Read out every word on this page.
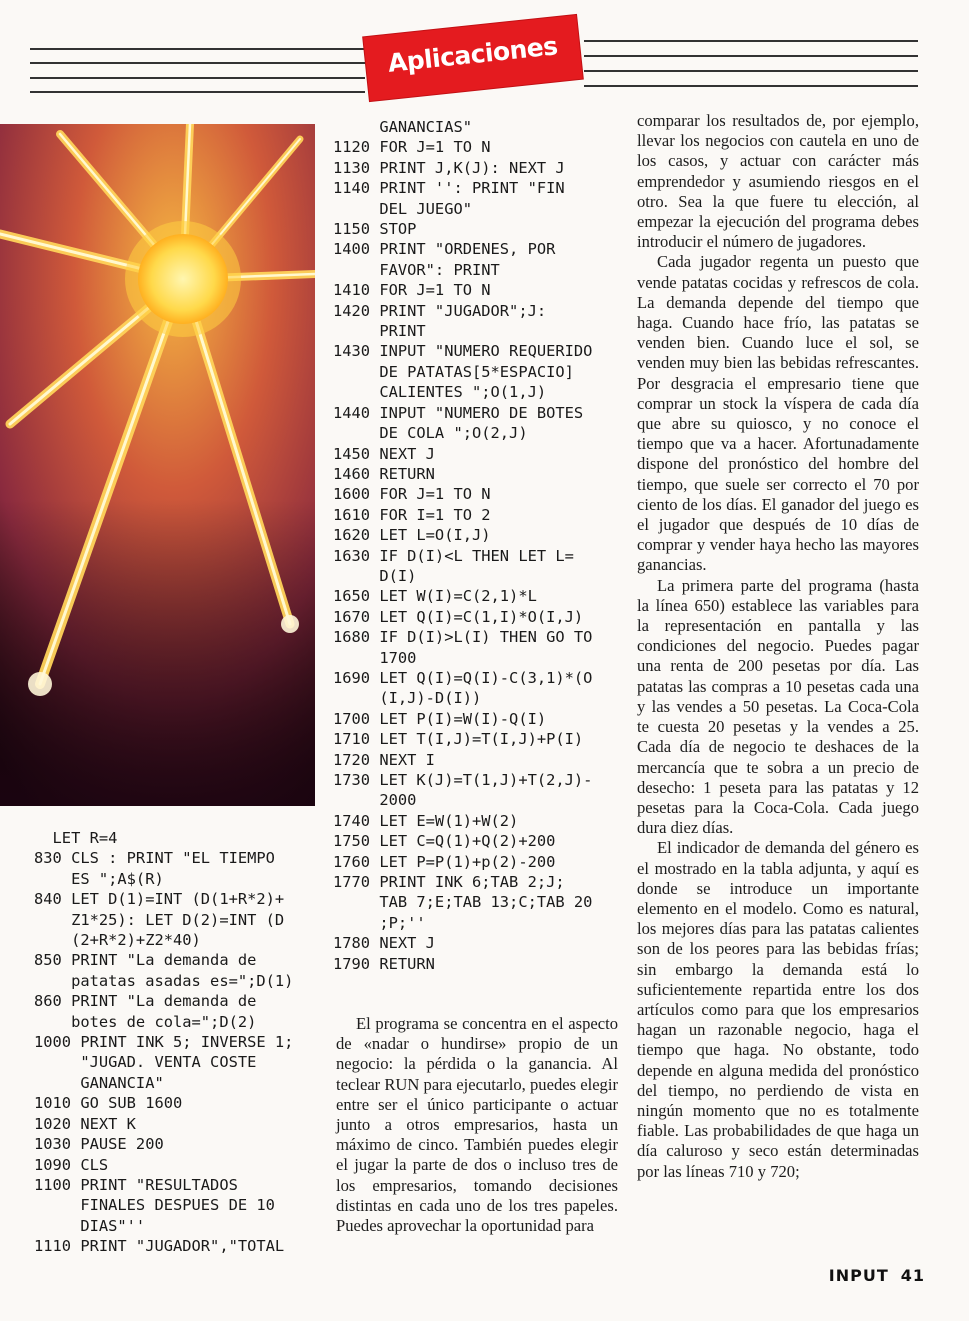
Aplicaciones
LET R=4
830 CLS : PRINT "EL TIEMPO
ES ";A$(R)
840 LET D(1)=INT (D(1+R*2)+
Z1*25): LET D(2)=INT (D
(2+R*2)+Z2*40)
850 PRINT "La demanda de
patatas asadas es=";D(1)
860 PRINT "La demanda de
botes de cola=";D(2)
1000 PRINT INK 5; INVERSE 1;
"JUGAD. VENTA COSTE
GANANCIA"
1010 GO SUB 1600
1020 NEXT K
1030 PAUSE 200
1090 CLS
1100 PRINT "RESULTADOS
FINALES DESPUES DE 10
DIAS"''
1110 PRINT "JUGADOR","TOTAL
GANANCIAS"
1120 FOR J=1 TO N
1130 PRINT J,K(J): NEXT J
1140 PRINT '': PRINT "FIN
DEL JUEGO"
1150 STOP
1400 PRINT "ORDENES, POR
FAVOR": PRINT
1410 FOR J=1 TO N
1420 PRINT "JUGADOR";J:
PRINT
1430 INPUT "NUMERO REQUERIDO
DE PATATAS[5*ESPACIO]
CALIENTES ";O(1,J)
1440 INPUT "NUMERO DE BOTES
DE COLA ";O(2,J)
1450 NEXT J
1460 RETURN
1600 FOR J=1 TO N
1610 FOR I=1 TO 2
1620 LET L=O(I,J)
1630 IF D(I)<L THEN LET L=
D(I)
1650 LET W(I)=C(2,1)*L
1670 LET Q(I)=C(1,I)*O(I,J)
1680 IF D(I)>L(I) THEN GO TO
1700
1690 LET Q(I)=Q(I)-C(3,1)*(O
(I,J)-D(I))
1700 LET P(I)=W(I)-Q(I)
1710 LET T(I,J)=T(I,J)+P(I)
1720 NEXT I
1730 LET K(J)=T(1,J)+T(2,J)-
2000
1740 LET E=W(1)+W(2)
1750 LET C=Q(1)+Q(2)+200
1760 LET P=P(1)+p(2)-200
1770 PRINT INK 6;TAB 2;J;
TAB 7;E;TAB 13;C;TAB 20
;P;''
1780 NEXT J
1790 RETURN

El programa se concentra en el aspecto de «nadar o hundirse» propio de un negocio: la pérdida o la ganancia. Al teclear RUN para ejecutarlo, puedes elegir entre ser el único participante o actuar junto a otros empresarios, hasta un máximo de cinco. También puedes elegir el jugar la parte de dos o incluso tres de los empresarios, tomando decisiones distintas en cada uno de los tres papeles. Puedes aprovechar la oportunidad para

comparar los resultados de, por ejemplo, llevar los negocios con cautela en uno de los casos, y actuar con carácter más emprendedor y asumiendo riesgos en el otro. Sea la que fuere tu elección, al empezar la ejecución del programa debes introducir el número de jugadores.

Cada jugador regenta un puesto que vende patatas cocidas y refrescos de cola. La demanda depende del tiempo que haga. Cuando hace frío, las patatas se venden bien. Cuando luce el sol, se venden muy bien las bebidas refrescantes. Por desgracia el empresario tiene que comprar un stock la víspera de cada día que abre su quiosco, y no conoce el tiempo que va a hacer. Afortunadamente dispone del pronóstico del hombre del tiempo, que suele ser correcto el 70 por ciento de los días. El ganador del juego es el jugador que después de 10 días de comprar y vender haya hecho las mayores ganancias.

La primera parte del programa (hasta la línea 650) establece las variables para la representación en pantalla y las condiciones del negocio. Puedes pagar una renta de 200 pesetas por día. Las patatas las compras a 10 pesetas cada una y las vendes a 50 pesetas. La Coca-Cola te cuesta 20 pesetas y la vendes a 25. Cada día de negocio te deshaces de la mercancía que te sobra a un precio de desecho: 1 peseta para las patatas y 12 pesetas para la Coca-Cola. Cada juego dura diez días.

El indicador de demanda del género es el mostrado en la tabla adjunta, y aquí es donde se introduce un importante elemento en el modelo. Como es natural, los mejores días para las patatas calientes son de los peores para las bebidas frías; sin embargo la demanda está lo suficientemente repartida entre los dos artículos como para que los empresarios hagan un razonable negocio, haga el tiempo que haga. No obstante, todo depende en alguna medida del pronóstico del tiempo, no perdiendo de vista en ningún momento que no es totalmente fiable. Las probabilidades de que haga un día caluroso y seco están determinadas por las líneas 710 y 720;

INPUT 41
